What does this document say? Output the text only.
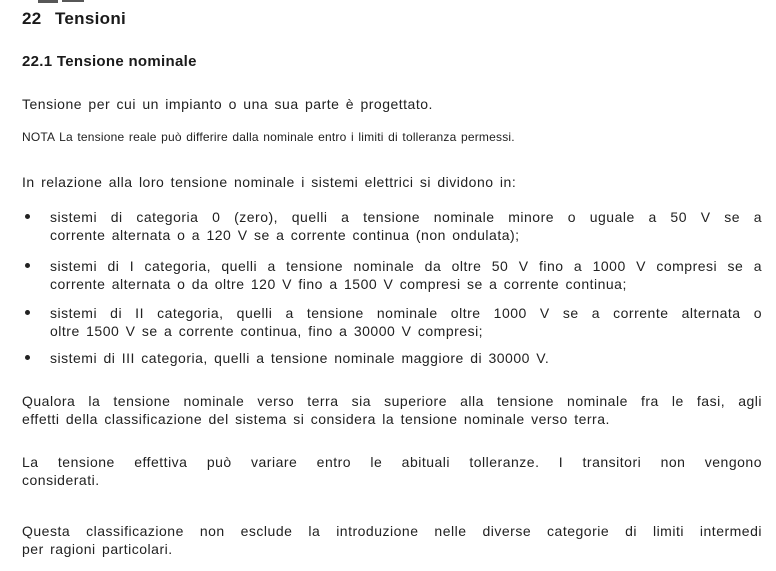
22 Tensioni
22.1 Tensione nominale
Tensione per cui un impianto o una sua parte è progettato.
NOTA La tensione reale può differire dalla nominale entro i limiti di tolleranza permessi.
In relazione alla loro tensione nominale i sistemi elettrici si dividono in:
sistemi di categoria 0 (zero), quelli a tensione nominale minore o uguale a 50 V se a
corrente alternata o a 120 V se a corrente continua (non ondulata);
sistemi di I categoria, quelli a tensione nominale da oltre 50 V fino a 1000 V compresi se a
corrente alternata o da oltre 120 V fino a 1500 V compresi se a corrente continua;
sistemi di II categoria, quelli a tensione nominale oltre 1000 V se a corrente alternata o
oltre 1500 V se a corrente continua, fino a 30000 V compresi;
sistemi di III categoria, quelli a tensione nominale maggiore di 30000 V.
Qualora la tensione nominale verso terra sia superiore alla tensione nominale fra le fasi, agli
effetti della classificazione del sistema si considera la tensione nominale verso terra.
La tensione effettiva può variare entro le abituali tolleranze. I transitori non vengono
considerati.
Questa classificazione non esclude la introduzione nelle diverse categorie di limiti intermedi
per ragioni particolari.
